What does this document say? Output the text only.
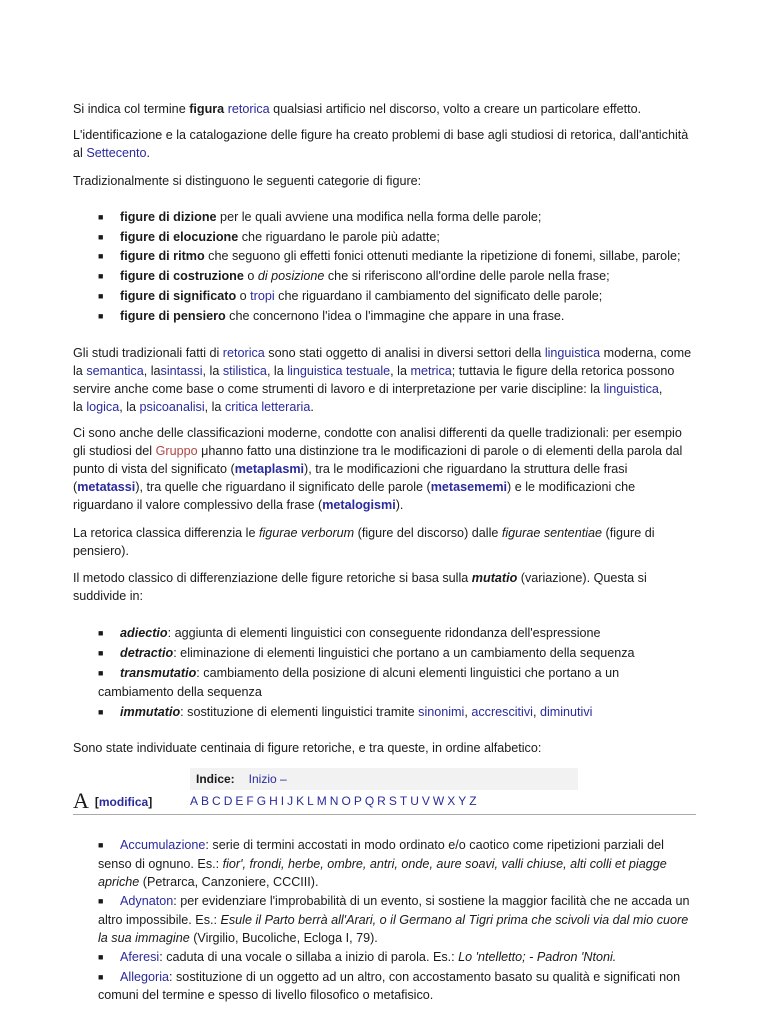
Si indica col termine figura retorica qualsiasi artificio nel discorso, volto a creare un particolare effetto.

L'identificazione e la catalogazione delle figure ha creato problemi di base agli studiosi di retorica, dall'antichità
al Settecento.

Tradizionalmente si distinguono le seguenti categorie di figure:

■ figure di dizione per le quali avviene una modifica nella forma delle parole;
■ figure di elocuzione che riguardano le parole più adatte;
■ figure di ritmo che seguono gli effetti fonici ottenuti mediante la ripetizione di fonemi, sillabe, parole;
■ figure di costruzione o di posizione che si riferiscono all'ordine delle parole nella frase;
■ figure di significato o tropi che riguardano il cambiamento del significato delle parole;
■ figure di pensiero che concernono l'idea o l'immagine che appare in una frase.

Gli studi tradizionali fatti di retorica sono stati oggetto di analisi in diversi settori della linguistica moderna, come
la semantica, lasintassi, la stilistica, la linguistica testuale, la metrica; tuttavia le figure della retorica possono
servire anche come base o come strumenti di lavoro e di interpretazione per varie discipline: la linguistica,
la logica, la psicoanalisi, la critica letteraria.

Ci sono anche delle classificazioni moderne, condotte con analisi differenti da quelle tradizionali: per esempio
gli studiosi del Gruppo μhanno fatto una distinzione tra le modificazioni di parole o di elementi della parola dal
punto di vista del significato (metaplasmi), tra le modificazioni che riguardano la struttura delle frasi
(metatassi), tra quelle che riguardano il significato delle parole (metasememi) e le modificazioni che
riguardano il valore complessivo della frase (metalogismi).

La retorica classica differenzia le figurae verborum (figure del discorso) dalle figurae sententiae (figure di
pensiero).

Il metodo classico di differenziazione delle figure retoriche si basa sulla mutatio (variazione). Questa si
suddivide in:

■ adiectio: aggiunta di elementi linguistici con conseguente ridondanza dell'espressione
■ detractio: eliminazione di elementi linguistici che portano a un cambiamento della sequenza
■ transmutatio: cambiamento della posizione di alcuni elementi linguistici che portano a un
cambiamento della sequenza
■ immutatio: sostituzione di elementi linguistici tramite sinonimi, accrescitivi, diminutivi

Sono state individuate centinaia di figure retoriche, e tra queste, in ordine alfabetico:

Indice: Inizio – A B C D E F G H I J K L M N O P Q R S T U V W X Y Z
A [modifica]
■ Accumulazione: serie di termini accostati in modo ordinato e/o caotico come ripetizioni parziali del
senso di ognuno. Es.: fior', frondi, herbe, ombre, antri, onde, aure soavi, valli chiuse, alti colli et piagge
apriche (Petrarca, Canzoniere, CCCIII).
■ Adynaton: per evidenziare l'improbabilità di un evento, si sostiene la maggior facilità che ne accada un
altro impossibile. Es.: Esule il Parto berrà all'Arari, o il Germano al Tigri prima che scivoli via dal mio cuore
la sua immagine (Virgilio, Bucoliche, Ecloga I, 79).
■ Aferesi: caduta di una vocale o sillaba a inizio di parola. Es.: Lo 'ntelletto; - Padron 'Ntoni.
■ Allegoria: sostituzione di un oggetto ad un altro, con accostamento basato su qualità e significati non
comuni del termine e spesso di livello filosofico o metafisico.
